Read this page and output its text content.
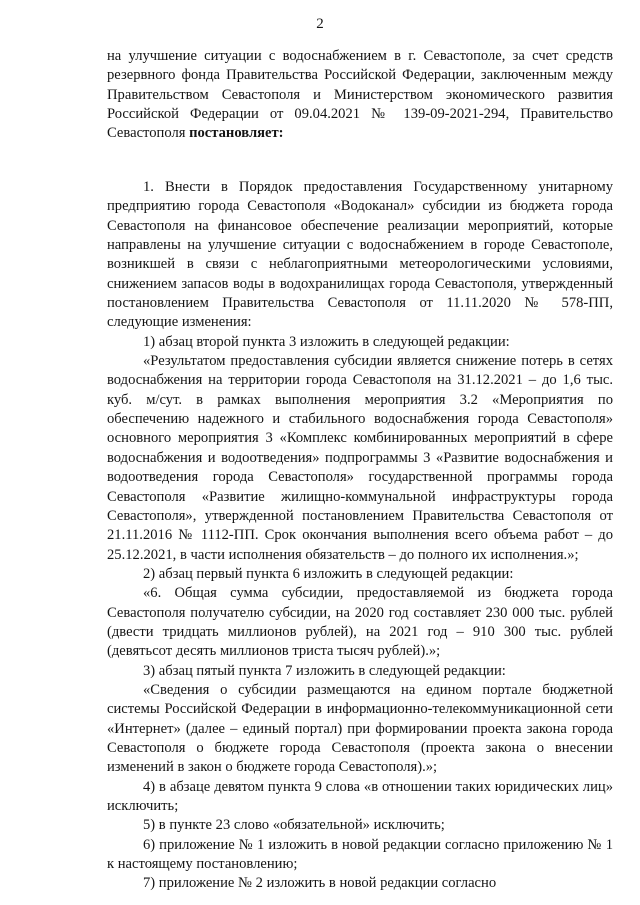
2

на улучшение ситуации с водоснабжением в г. Севастополе, за счет средств резервного фонда Правительства Российской Федерации, заключенным между Правительством Севастополя и Министерством экономического развития Российской Федерации от 09.04.2021 № 139-09-2021-294, Правительство Севастополя постановляет:

1. Внести в Порядок предоставления Государственному унитарному предприятию города Севастополя «Водоканал» субсидии из бюджета города Севастополя на финансовое обеспечение реализации мероприятий, которые направлены на улучшение ситуации с водоснабжением в городе Севастополе, возникшей в связи с неблагоприятными метеорологическими условиями, снижением запасов воды в водохранилищах города Севастополя, утвержденный постановлением Правительства Севастополя от 11.11.2020 № 578-ПП, следующие изменения:

1) абзац второй пункта 3 изложить в следующей редакции:

«Результатом предоставления субсидии является снижение потерь в сетях водоснабжения на территории города Севастополя на 31.12.2021 – до 1,6 тыс. куб. м/сут. в рамках выполнения мероприятия 3.2 «Мероприятия по обеспечению надежного и стабильного водоснабжения города Севастополя» основного мероприятия 3 «Комплекс комбинированных мероприятий в сфере водоснабжения и водоотведения» подпрограммы 3 «Развитие водоснабжения и водоотведения города Севастополя» государственной программы города Севастополя «Развитие жилищно-коммунальной инфраструктуры города Севастополя», утвержденной постановлением Правительства Севастополя от 21.11.2016 № 1112-ПП. Срок окончания выполнения всего объема работ – до 25.12.2021, в части исполнения обязательств – до полного их исполнения.»;

2) абзац первый пункта 6 изложить в следующей редакции:

«6. Общая сумма субсидии, предоставляемой из бюджета города Севастополя получателю субсидии, на 2020 год составляет 230 000 тыс. рублей (двести тридцать миллионов рублей), на 2021 год – 910 300 тыс. рублей (девятьсот десять миллионов триста тысяч рублей).»;

3) абзац пятый пункта 7 изложить в следующей редакции:

«Сведения о субсидии размещаются на едином портале бюджетной системы Российской Федерации в информационно-телекоммуникационной сети «Интернет» (далее – единый портал) при формировании проекта закона города Севастополя о бюджете города Севастополя (проекта закона о внесении изменений в закон о бюджете города Севастополя).»;

4) в абзаце девятом пункта 9 слова «в отношении таких юридических лиц» исключить;

5) в пункте 23 слово «обязательной» исключить;

6) приложение № 1 изложить в новой редакции согласно приложению № 1 к настоящему постановлению;

7) приложение № 2 изложить в новой редакции согласно
